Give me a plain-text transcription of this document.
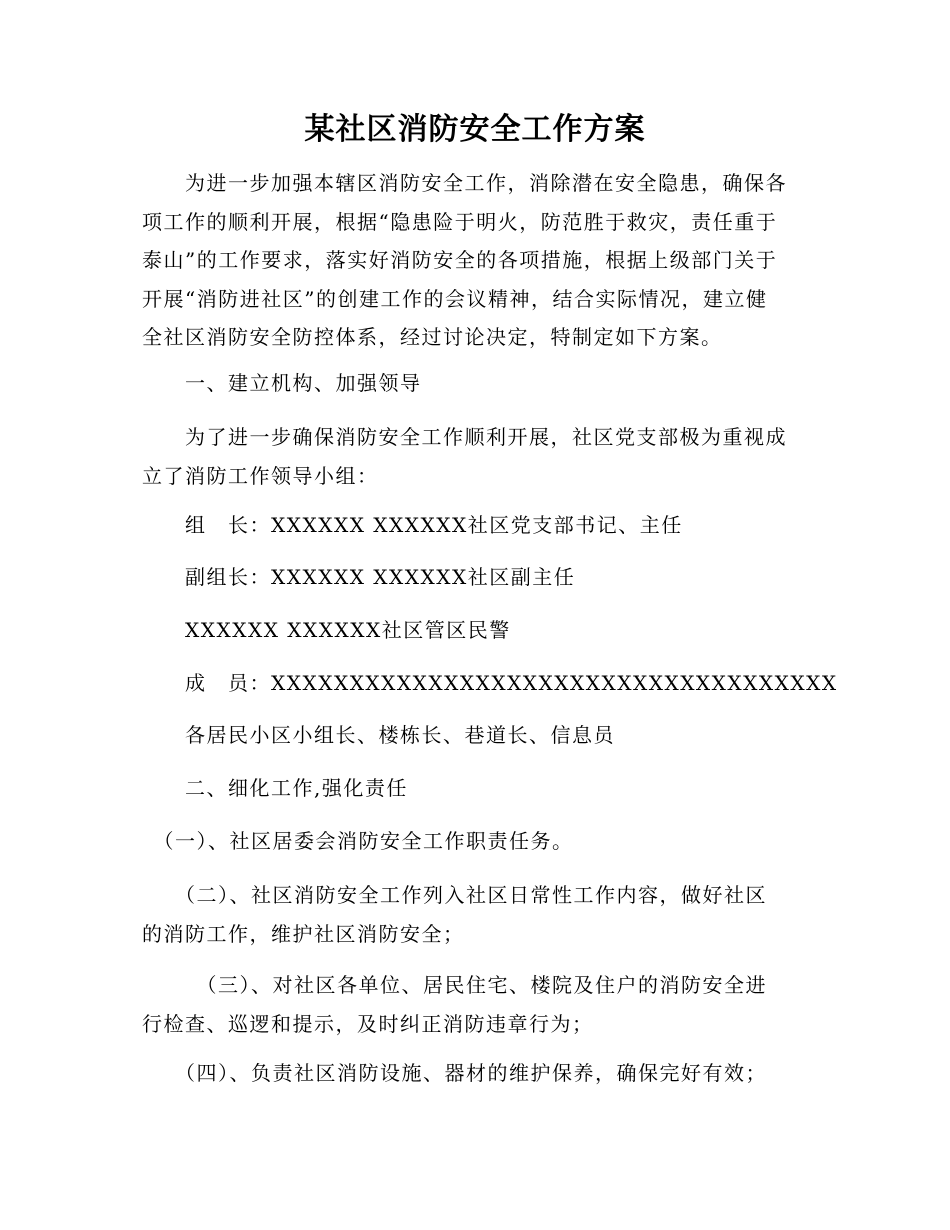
某社区消防安全工作方案
　　为进一步加强本辖区消防安全工作，消除潜在安全隐患，确保各
项工作的顺利开展，根据“隐患险于明火，防范胜于救灾，责任重于
泰山”的工作要求，落实好消防安全的各项措施，根据上级部门关于
开展“消防进社区”的创建工作的会议精神，结合实际情况，建立健
全社区消防安全防控体系，经过讨论决定，特制定如下方案。
　　一、建立机构、加强领导
　　为了进一步确保消防安全工作顺利开展，社区党支部极为重视成
立了消防工作领导小组：
　　组　长：XXXXXX XXXXXX社区党支部书记、主任
　　副组长：XXXXXX XXXXXX社区副主任
　　XXXXXX XXXXXX社区管区民警
　　成　员：XXXXXXXXXXXXXXXXXXXXXXXXXXXXXXXXXXXX
　　各居民小区小组长、楼栋长、巷道长、信息员
　　二、细化工作,强化责任
　（一）、社区居委会消防安全工作职责任务。
　　（二）、社区消防安全工作列入社区日常性工作内容，做好社区
的消防工作，维护社区消防安全；
　　　（三）、对社区各单位、居民住宅、楼院及住户的消防安全进
行检查、巡逻和提示，及时纠正消防违章行为；
　　（四）、负责社区消防设施、器材的维护保养，确保完好有效；
